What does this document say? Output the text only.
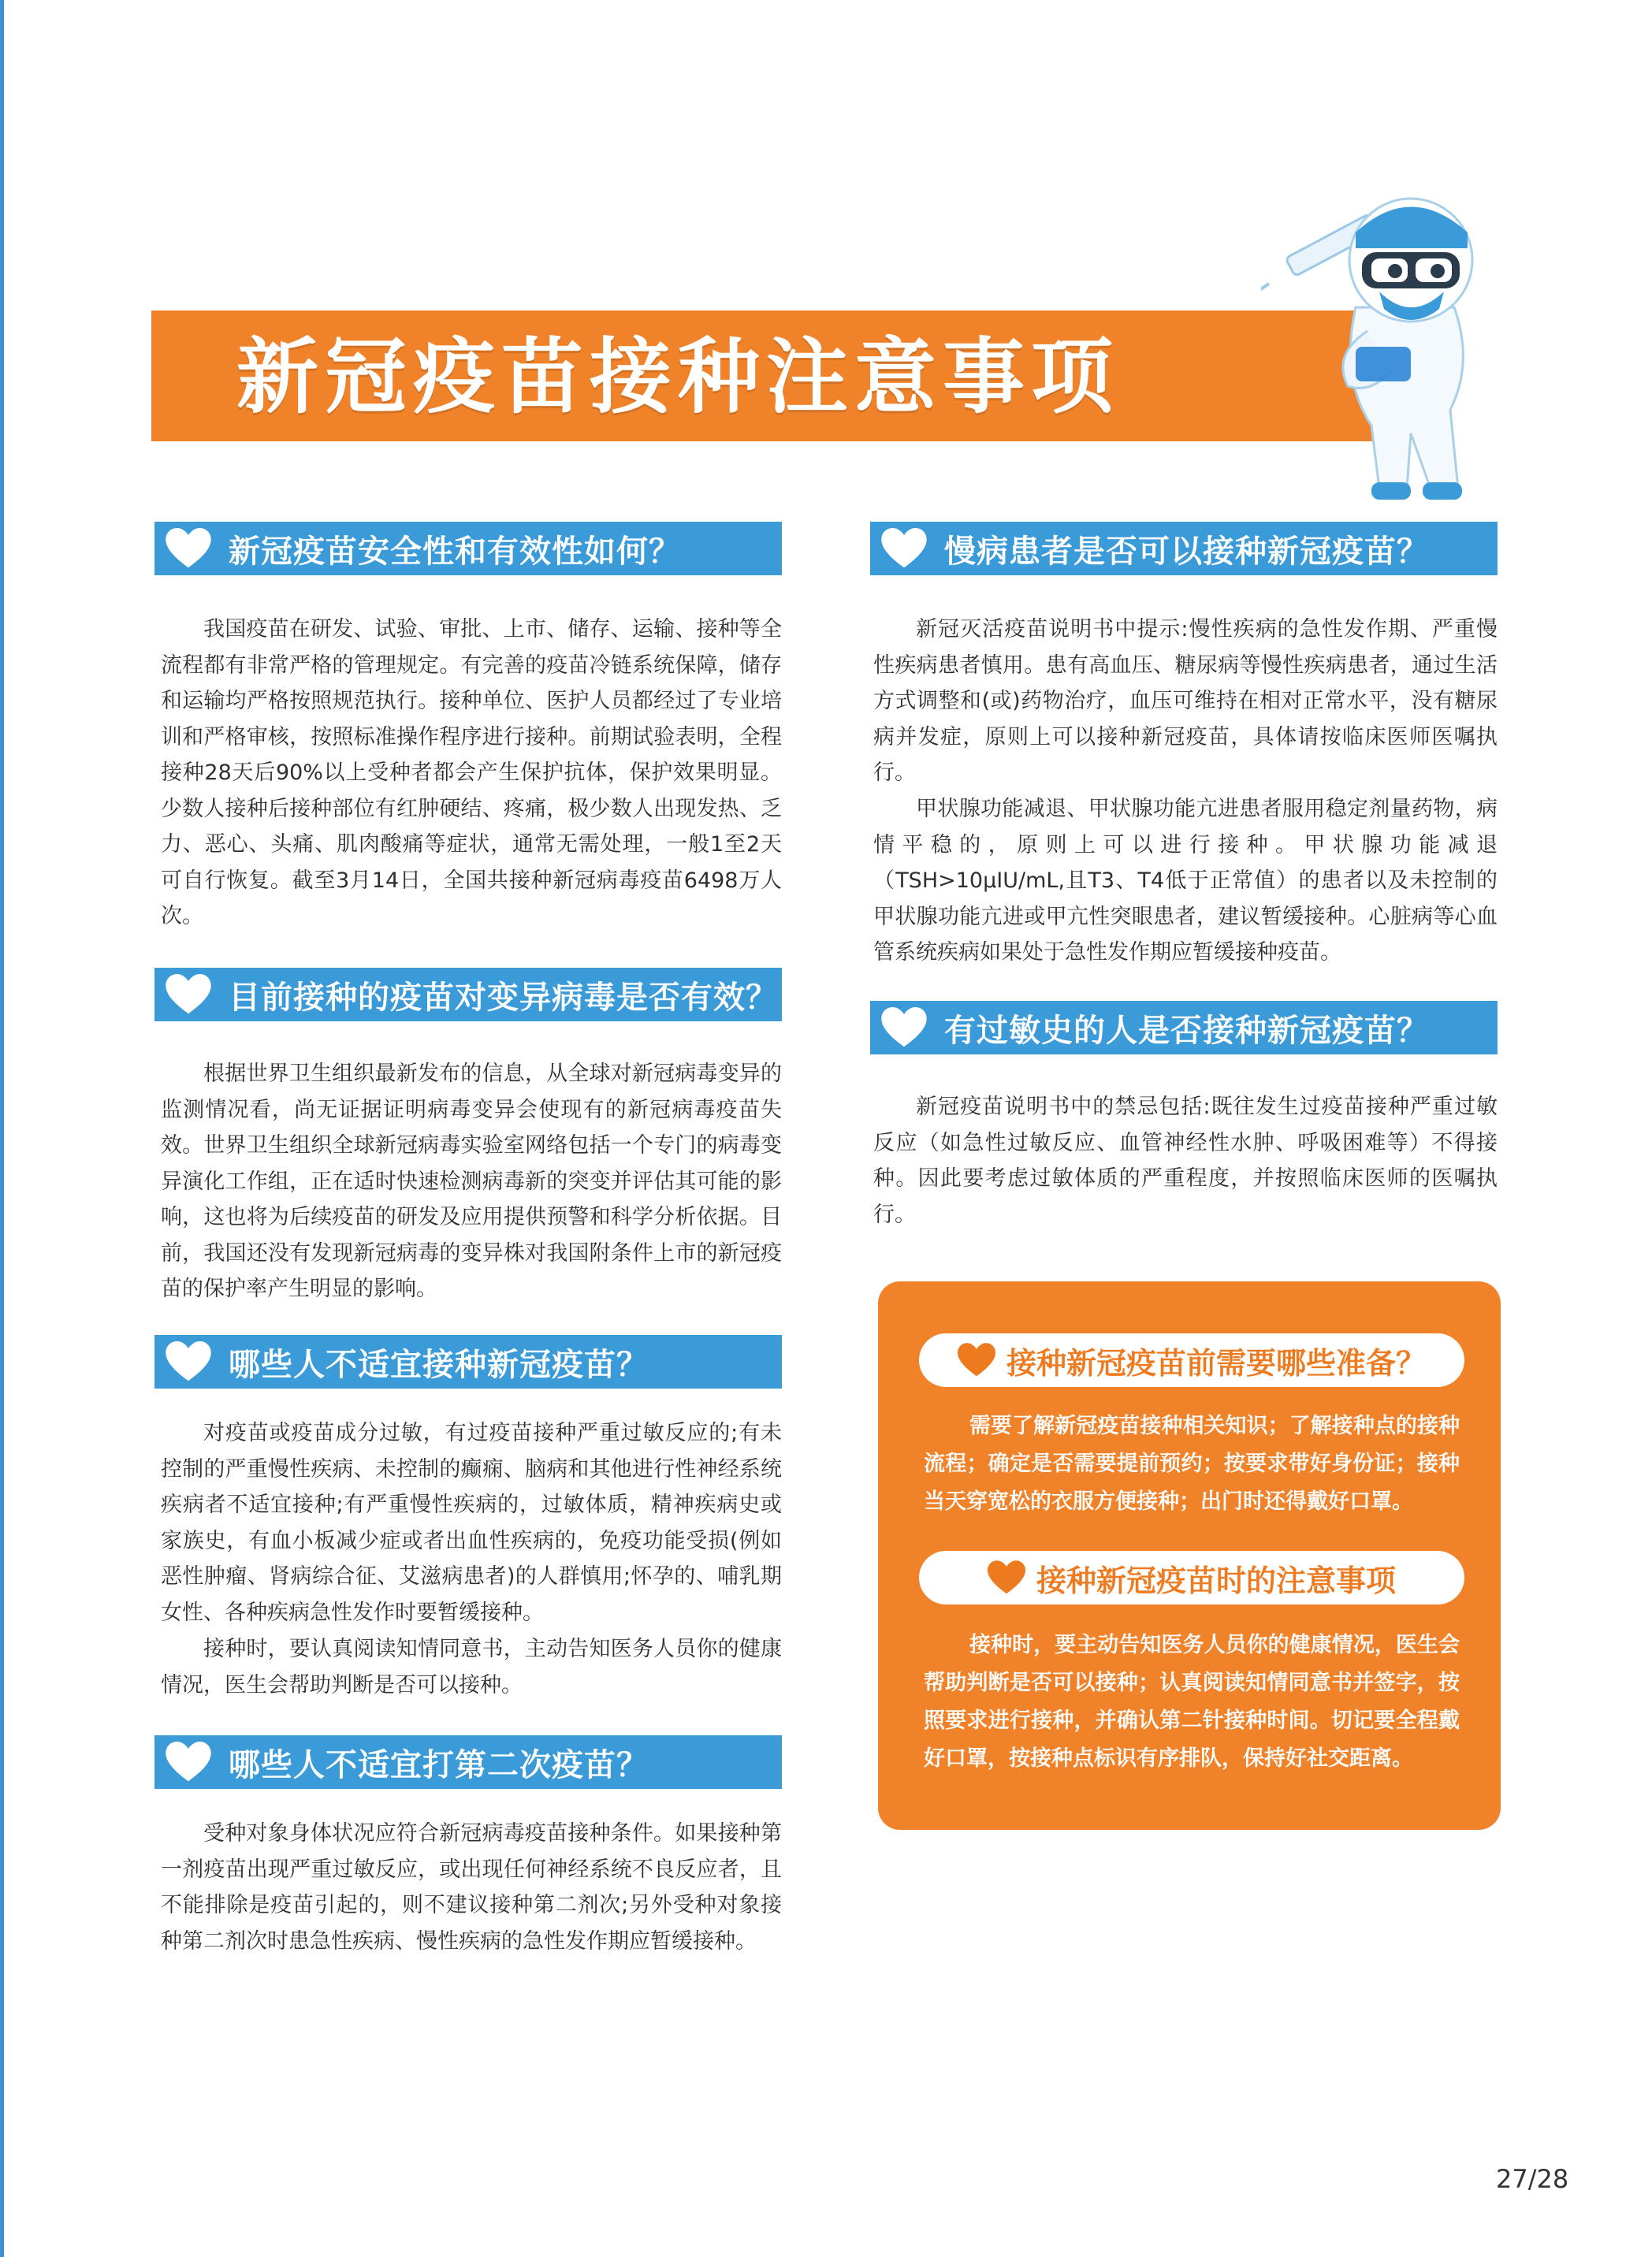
新冠疫苗接种注意事项
新冠疫苗安全性和有效性如何？

我国疫苗在研发、试验、审批、上市、储存、运输、接种等全流程都有非常严格的管理规定。有完善的疫苗冷链系统保障，储存和运输均严格按照规范执行。接种单位、医护人员都经过了专业培训和严格审核，按照标准操作程序进行接种。前期试验表明，全程接种28天后90%以上受种者都会产生保护抗体，保护效果明显。少数人接种后接种部位有红肿硬结、疼痛，极少数人出现发热、乏力、恶心、头痛、肌肉酸痛等症状，通常无需处理，一般1至2天可自行恢复。截至3月14日，全国共接种新冠病毒疫苗6498万人次。

目前接种的疫苗对变异病毒是否有效？

根据世界卫生组织最新发布的信息，从全球对新冠病毒变异的监测情况看，尚无证据证明病毒变异会使现有的新冠病毒疫苗失效。世界卫生组织全球新冠病毒实验室网络包括一个专门的病毒变异演化工作组，正在适时快速检测病毒新的突变并评估其可能的影响，这也将为后续疫苗的研发及应用提供预警和科学分析依据。目前，我国还没有发现新冠病毒的变异株对我国附条件上市的新冠疫苗的保护率产生明显的影响。

哪些人不适宜接种新冠疫苗？

对疫苗或疫苗成分过敏，有过疫苗接种严重过敏反应的;有未控制的严重慢性疾病、未控制的癫痫、脑病和其他进行性神经系统疾病者不适宜接种;有严重慢性疾病的，过敏体质，精神疾病史或家族史，有血小板减少症或者出血性疾病的，免疫功能受损(例如恶性肿瘤、肾病综合征、艾滋病患者)的人群慎用;怀孕的、哺乳期女性、各种疾病急性发作时要暂缓接种。

接种时，要认真阅读知情同意书，主动告知医务人员你的健康情况，医生会帮助判断是否可以接种。

哪些人不适宜打第二次疫苗？

受种对象身体状况应符合新冠病毒疫苗接种条件。如果接种第一剂疫苗出现严重过敏反应，或出现任何神经系统不良反应者，且不能排除是疫苗引起的，则不建议接种第二剂次;另外受种对象接种第二剂次时患急性疾病、慢性疾病的急性发作期应暂缓接种。

慢病患者是否可以接种新冠疫苗？

新冠灭活疫苗说明书中提示:慢性疾病的急性发作期、严重慢性疾病患者慎用。患有高血压、糖尿病等慢性疾病患者，通过生活方式调整和(或)药物治疗，血压可维持在相对正常水平，没有糖尿病并发症，原则上可以接种新冠疫苗，具体请按临床医师医嘱执行。

甲状腺功能减退、甲状腺功能亢进患者服用稳定剂量药物，病情平稳的，原则上可以进行接种。甲状腺功能减退（TSH>10μIU/mL,且T3、T4低于正常值）的患者以及未控制的甲状腺功能亢进或甲亢性突眼患者，建议暂缓接种。心脏病等心血管系统疾病如果处于急性发作期应暂缓接种疫苗。

有过敏史的人是否接种新冠疫苗？

新冠疫苗说明书中的禁忌包括:既往发生过疫苗接种严重过敏反应（如急性过敏反应、血管神经性水肿、呼吸困难等）不得接种。因此要考虑过敏体质的严重程度，并按照临床医师的医嘱执行。

接种新冠疫苗前需要哪些准备？

需要了解新冠疫苗接种相关知识；了解接种点的接种流程；确定是否需要提前预约；按要求带好身份证；接种当天穿宽松的衣服方便接种；出门时还得戴好口罩。

接种新冠疫苗时的注意事项

接种时，要主动告知医务人员你的健康情况，医生会帮助判断是否可以接种；认真阅读知情同意书并签字，按照要求进行接种，并确认第二针接种时间。切记要全程戴好口罩，按接种点标识有序排队，保持好社交距离。

27/28
